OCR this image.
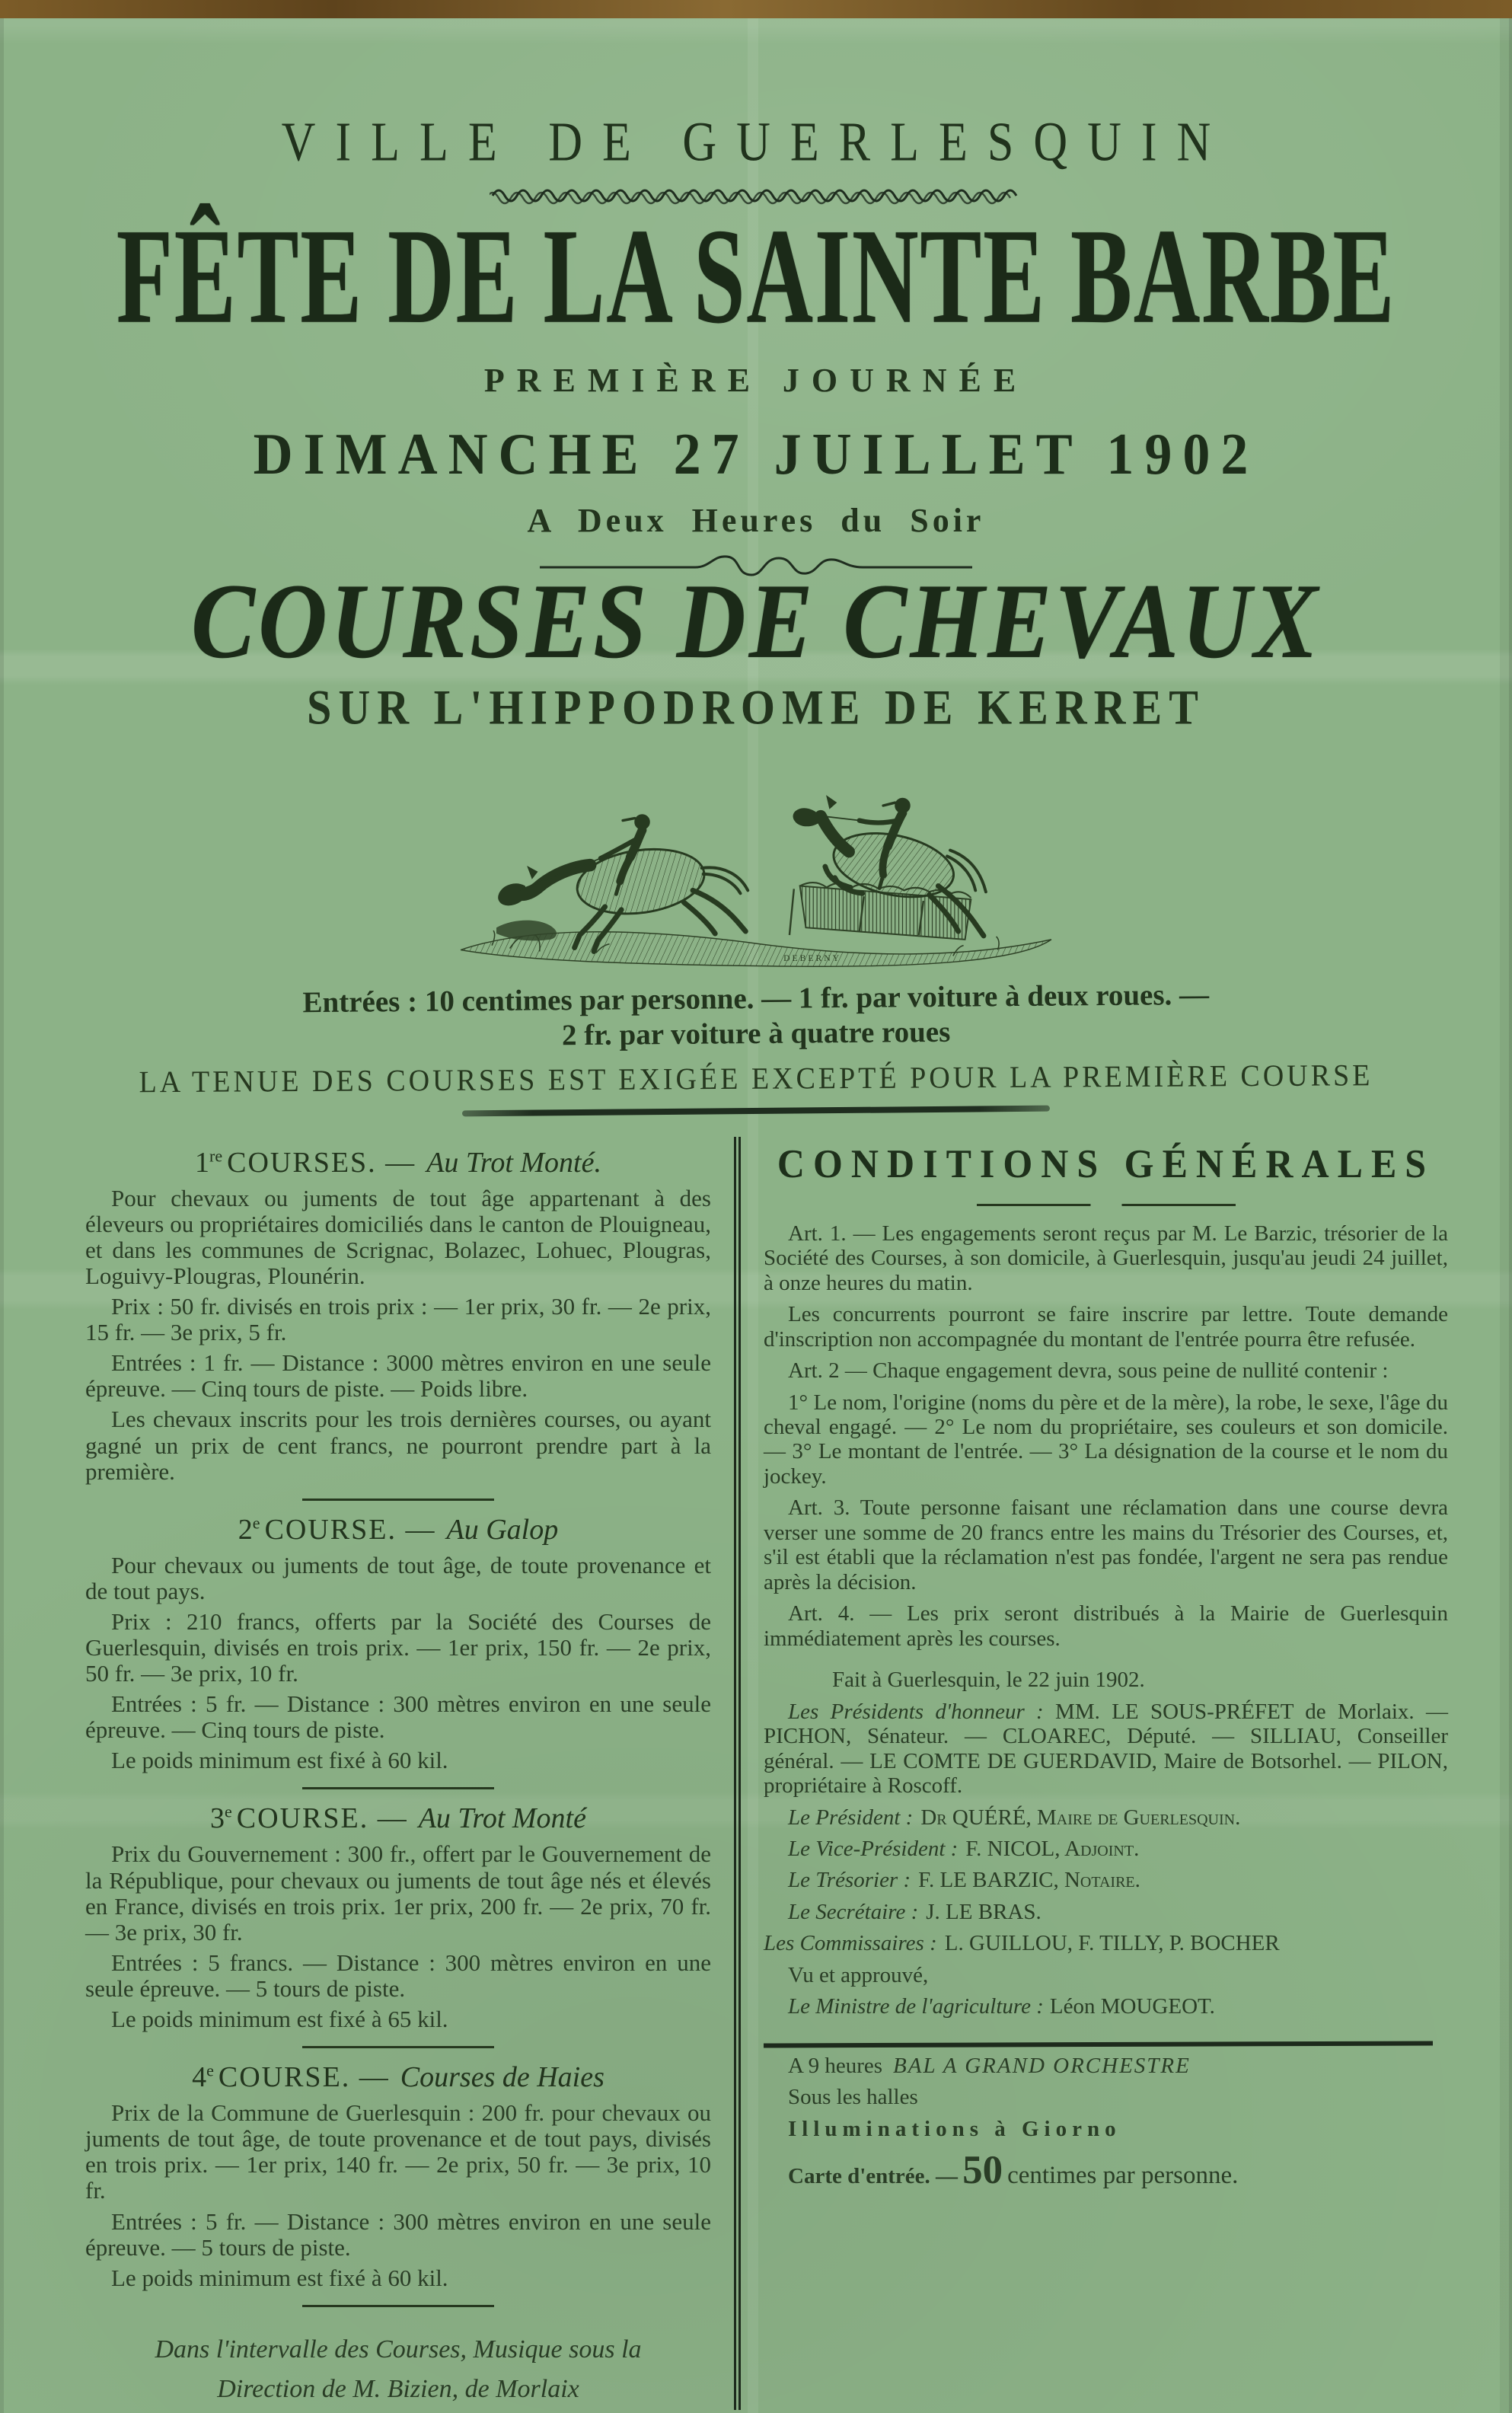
VILLE DE GUERLESQUIN
FÊTE DE LA SAINTE BARBE
PREMIÈRE JOURNÉE
DIMANCHE 27 JUILLET 1902
A Deux Heures du Soir
COURSES DE CHEVAUX
SUR L'HIPPODROME DE KERRET
DEBERNY
Entrées : 10 centimes par personne. — 1 fr. par voiture à deux roues. —
2 fr. par voiture à quatre roues
LA TENUE DES COURSES EST EXIGÉE EXCEPTÉ POUR LA PREMIÈRE COURSE
1re COURSES. — Au Trot Monté.

Pour chevaux ou juments de tout âge appartenant à des éleveurs ou propriétaires domiciliés dans le canton de Plouigneau, et dans les communes de Scrignac, Bolazec, Lohuec, Plougras, Loguivy-Plougras, Plounérin.

Prix : 50 fr. divisés en trois prix : — 1er prix, 30 fr. — 2e prix, 15 fr. — 3e prix, 5 fr.

Entrées : 1 fr. — Distance : 3000 mètres environ en une seule épreuve. — Cinq tours de piste. — Poids libre.

Les chevaux inscrits pour les trois dernières courses, ou ayant gagné un prix de cent francs, ne pourront prendre part à la première.

2e COURSE. — Au Galop

Pour chevaux ou juments de tout âge, de toute provenance et de tout pays.

Prix : 210 francs, offerts par la Société des Courses de Guerlesquin, divisés en trois prix. — 1er prix, 150 fr. — 2e prix, 50 fr. — 3e prix, 10 fr.

Entrées : 5 fr. — Distance : 300 mètres environ en une seule épreuve. — Cinq tours de piste.

Le poids minimum est fixé à 60 kil.

3e COURSE. — Au Trot Monté

Prix du Gouvernement : 300 fr., offert par le Gouvernement de la République, pour chevaux ou juments de tout âge nés et élevés en France, divisés en trois prix. 1er prix, 200 fr. — 2e prix, 70 fr. — 3e prix, 30 fr.

Entrées : 5 francs. — Distance : 300 mètres environ en une seule épreuve. — 5 tours de piste.

Le poids minimum est fixé à 65 kil.

4e COURSE. — Courses de Haies

Prix de la Commune de Guerlesquin : 200 fr. pour chevaux ou juments de tout âge, de toute provenance et de tout pays, divisés en trois prix. — 1er prix, 140 fr. — 2e prix, 50 fr. — 3e prix, 10 fr.

Entrées : 5 fr. — Distance : 300 mètres environ en une seule épreuve. — 5 tours de piste.

Le poids minimum est fixé à 60 kil.

Dans l'intervalle des Courses, Musique sous la
Direction de M. Bizien, de Morlaix

CONDITIONS GÉNÉRALES

Art. 1. — Les engagements seront reçus par M. Le Barzic, trésorier de la Société des Courses, à son domicile, à Guerlesquin, jusqu'au jeudi 24 juillet, à onze heures du matin.

Les concurrents pourront se faire inscrire par lettre. Toute demande d'inscription non accompagnée du montant de l'entrée pourra être refusée.

Art. 2 — Chaque engagement devra, sous peine de nullité contenir :

1° Le nom, l'origine (noms du père et de la mère), la robe, le sexe, l'âge du cheval engagé. — 2° Le nom du propriétaire, ses couleurs et son domicile. — 3° Le montant de l'entrée. — 3° La désignation de la course et le nom du jockey.

Art. 3. Toute personne faisant une réclamation dans une course devra verser une somme de 20 francs entre les mains du Trésorier des Courses, et, s'il est établi que la réclamation n'est pas fondée, l'argent ne sera pas rendue après la décision.

Art. 4. — Les prix seront distribués à la Mairie de Guerlesquin immédiatement après les courses.

Fait à Guerlesquin, le 22 juin 1902.

Les Présidents d'honneur : MM. LE SOUS-PRÉFET de Morlaix. — PICHON, Sénateur. — CLOAREC, Député. — SILLIAU, Conseiller général. — LE COMTE DE GUERDAVID, Maire de Botsorhel. — PILON, propriétaire à Roscoff.

Le Président : Dr QUÉRÉ, Maire de Guerlesquin.

Le Vice-Président : F. NICOL, Adjoint.

Le Trésorier : F. LE BARZIC, Notaire.

Le Secrétaire : J. LE BRAS.

Les Commissaires : L. GUILLOU, F. TILLY, P. BOCHER

Vu et approuvé,

Le Ministre de l'agriculture : Léon MOUGEOT.

A 9 heures BAL A GRAND ORCHESTRE

Sous les halles

Illuminations à Giorno

Carte d'entrée. — 50 centimes par personne.
